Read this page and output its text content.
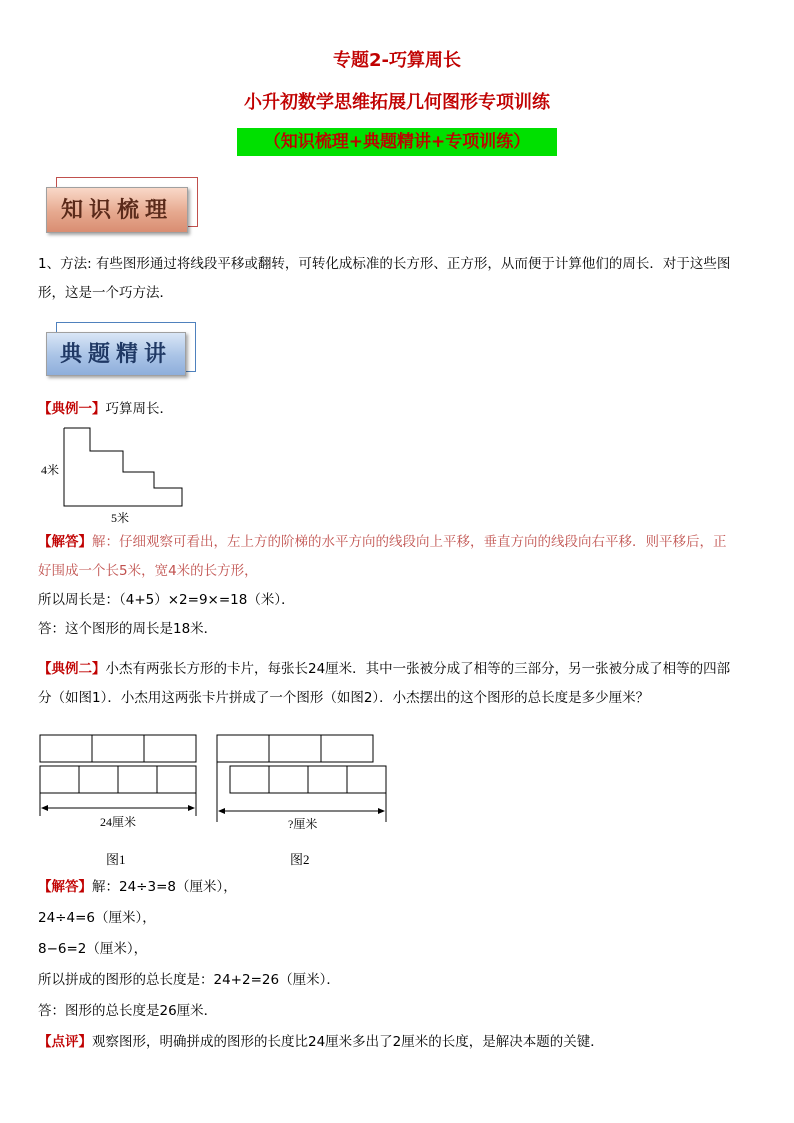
专题2-巧算周长
小升初数学思维拓展几何图形专项训练
（知识梳理+典题精讲+专项训练）
知识梳理
1、方法: 有些图形通过将线段平移或翻转，可转化成标准的长方形、正方形，从而便于计算他们的周长．对于这些图
形，这是一个巧方法．
典题精讲
【典例一】巧算周长．
4米
5米
【解答】解：仔细观察可看出，左上方的阶梯的水平方向的线段向上平移，垂直方向的线段向右平移．则平移后，正
好围成一个长5米，宽4米的长方形，
所以周长是：（4+5）×2=9×=18（米）．
答：这个图形的周长是18米．
【典例二】小杰有两张长方形的卡片，每张长24厘米．其中一张被分成了相等的三部分，另一张被分成了相等的四部
分（如图1）．小杰用这两张卡片拼成了一个图形（如图2）．小杰摆出的这个图形的总长度是多少厘米？
24厘米
图1
?厘米
图2
【解答】解：24÷3=8（厘米），
24÷4=6（厘米），
8−6=2（厘米），
所以拼成的图形的总长度是：24+2=26（厘米）．
答：图形的总长度是26厘米．
【点评】观察图形，明确拼成的图形的长度比24厘米多出了2厘米的长度，是解决本题的关键．
